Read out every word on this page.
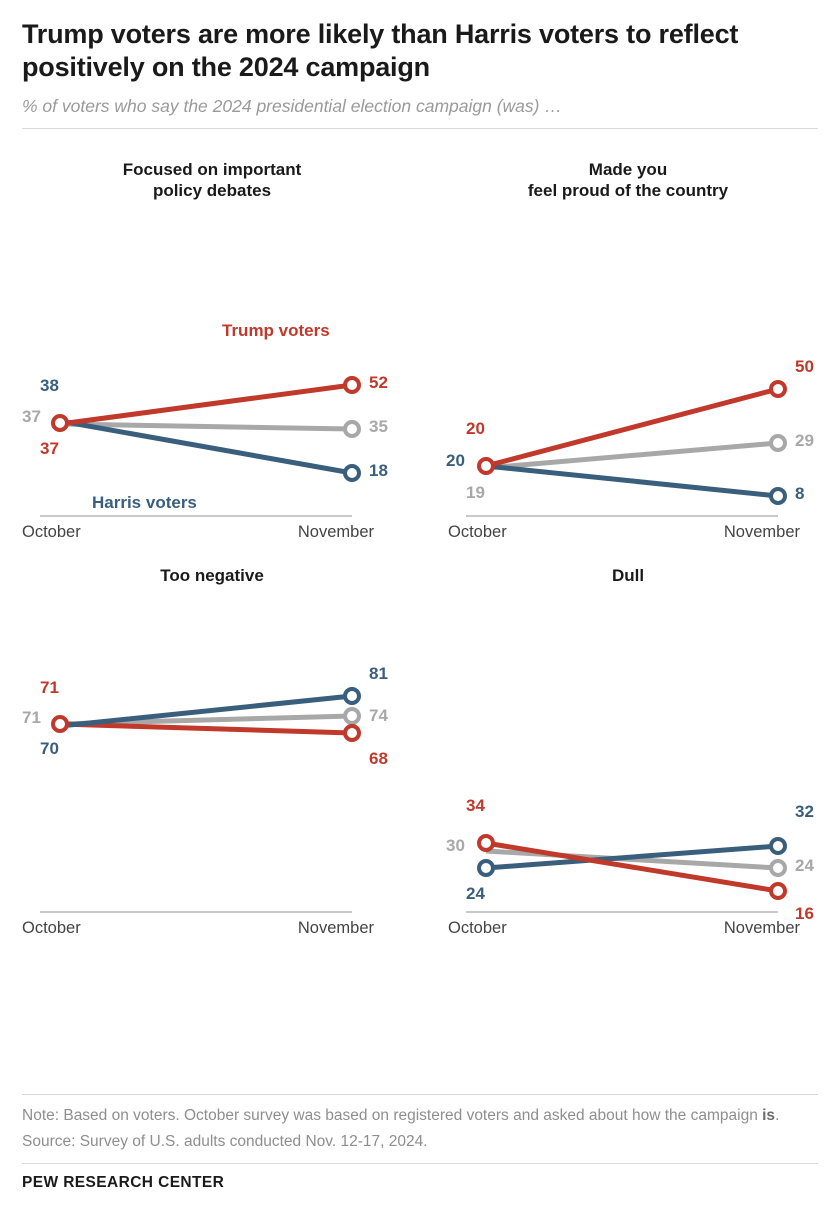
Trump voters are more likely than Harris voters to reflect positively on the 2024 campaign

% of voters who say the 2024 presidential election campaign (was) …

Focused on important
policy debates
Trump voters
Harris voters
38
37
37
52
35
18
October	November
Made you
feel proud of the country
20
20
19
50
29
8
October	November
Too negative
71
71
70
81
74
68
October	November
Dull
34
30
24
32
24
16
October	November

Note: Based on voters. October survey was based on registered voters and asked about how the campaign is.

Source: Survey of U.S. adults conducted Nov. 12-17, 2024.

PEW RESEARCH CENTER
